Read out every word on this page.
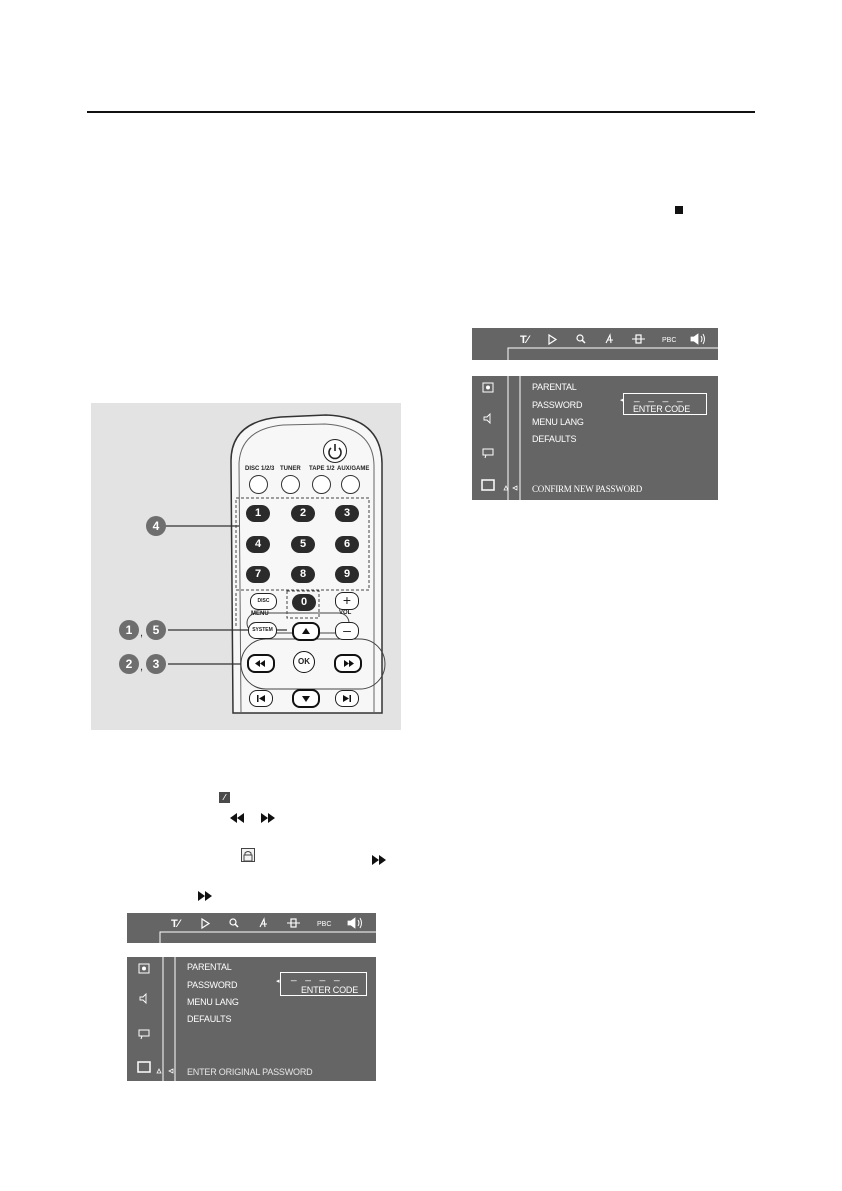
T⁄	PBC
PARENTAL
PASSWORD
MENU LANG
DEFAULTS
◂ _ _ _ _
ENTER CODE
CONFIRM NEW PASSWORD
DISC 1/2/3 TUNER TAPE 1/2 AUX/GAME
1	2	3
4	5	6
7	8	9
0
DISC
MENU
SYSTEM
+
VOL
–
OK
4
1 , 5
2 , 3
⁄
T⁄	PBC
PARENTAL
PASSWORD
MENU LANG
DEFAULTS
◂ _ _ _ _
ENTER CODE
ENTER ORIGINAL PASSWORD
